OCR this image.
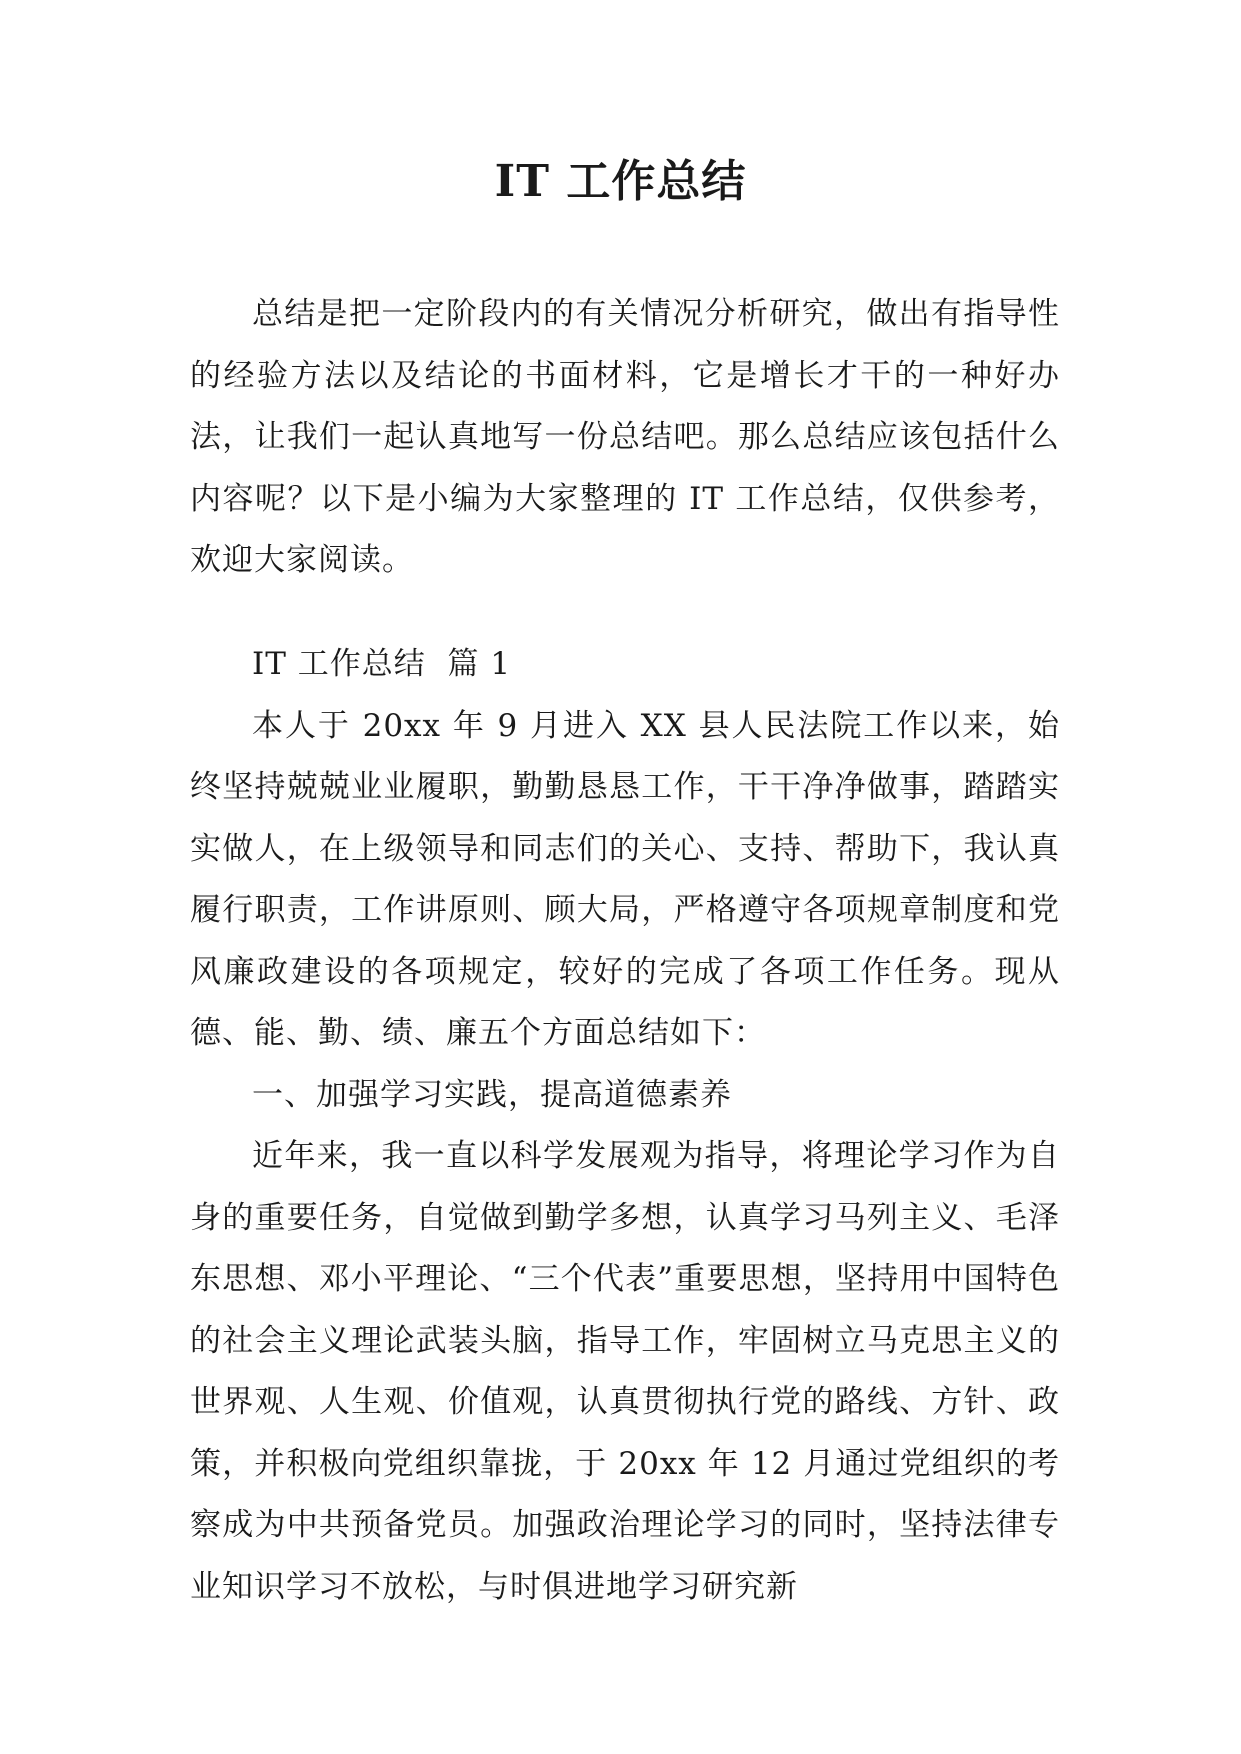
IT 工作总结

总结是把一定阶段内的有关情况分析研究，做出有指导性的经验方法以及结论的书面材料，它是增长才干的一种好办法，让我们一起认真地写一份总结吧。那么总结应该包括什么内容呢？以下是小编为大家整理的 IT 工作总结，仅供参考，欢迎大家阅读。

IT 工作总结  篇 1

本人于 20xx 年 9 月进入 XX 县人民法院工作以来，始终坚持兢兢业业履职，勤勤恳恳工作，干干净净做事，踏踏实实做人，在上级领导和同志们的关心、支持、帮助下，我认真履行职责，工作讲原则、顾大局，严格遵守各项规章制度和党风廉政建设的各项规定，较好的完成了各项工作任务。现从德、能、勤、绩、廉五个方面总结如下：

一、加强学习实践，提高道德素养

近年来，我一直以科学发展观为指导，将理论学习作为自身的重要任务，自觉做到勤学多想，认真学习马列主义、毛泽东思想、邓小平理论、“三个代表”重要思想，坚持用中国特色的社会主义理论武装头脑，指导工作，牢固树立马克思主义的世界观、人生观、价值观，认真贯彻执行党的路线、方针、政策，并积极向党组织靠拢，于 20xx 年 12 月通过党组织的考察成为中共预备党员。加强政治理论学习的同时，坚持法律专业知识学习不放松，与时俱进地学习研究新
